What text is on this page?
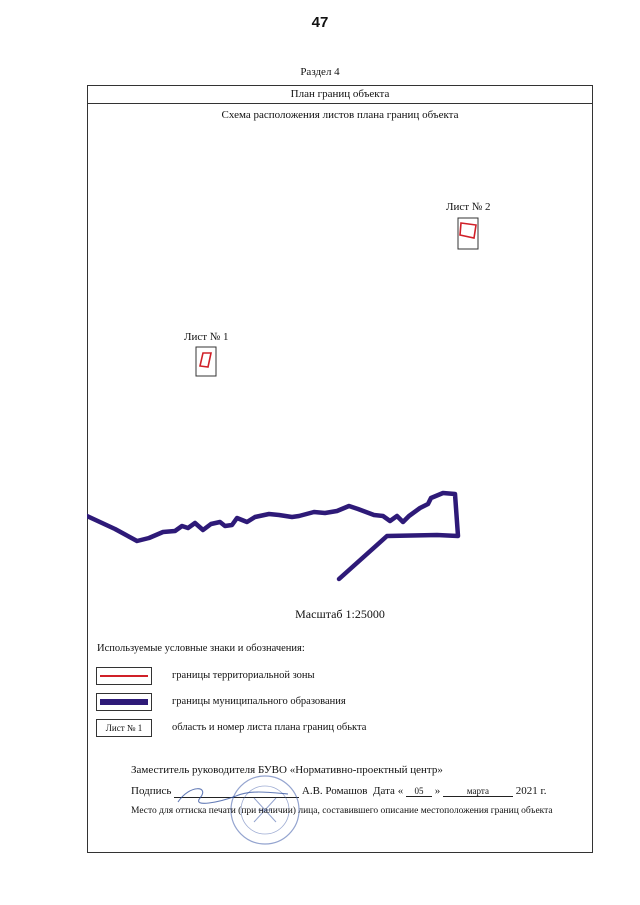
47
Раздел 4
План границ объекта
Схема расположения листов плана границ объекта
Лист № 2
Лист № 1
Масштаб 1:25000
Используемые условные знаки и обозначения:
границы территориальной зоны
границы муниципального образования
Лист № 1	область и номер листа плана границ обькта
Заместитель руководителя БУВО «Нормативно-проектный центр»
Подпись	А.В. Ромашов Дата « 05 »	марта 2021 г.
Место для оттиска печати (при наличии) лица, составившего описание местоположения границ объекта
